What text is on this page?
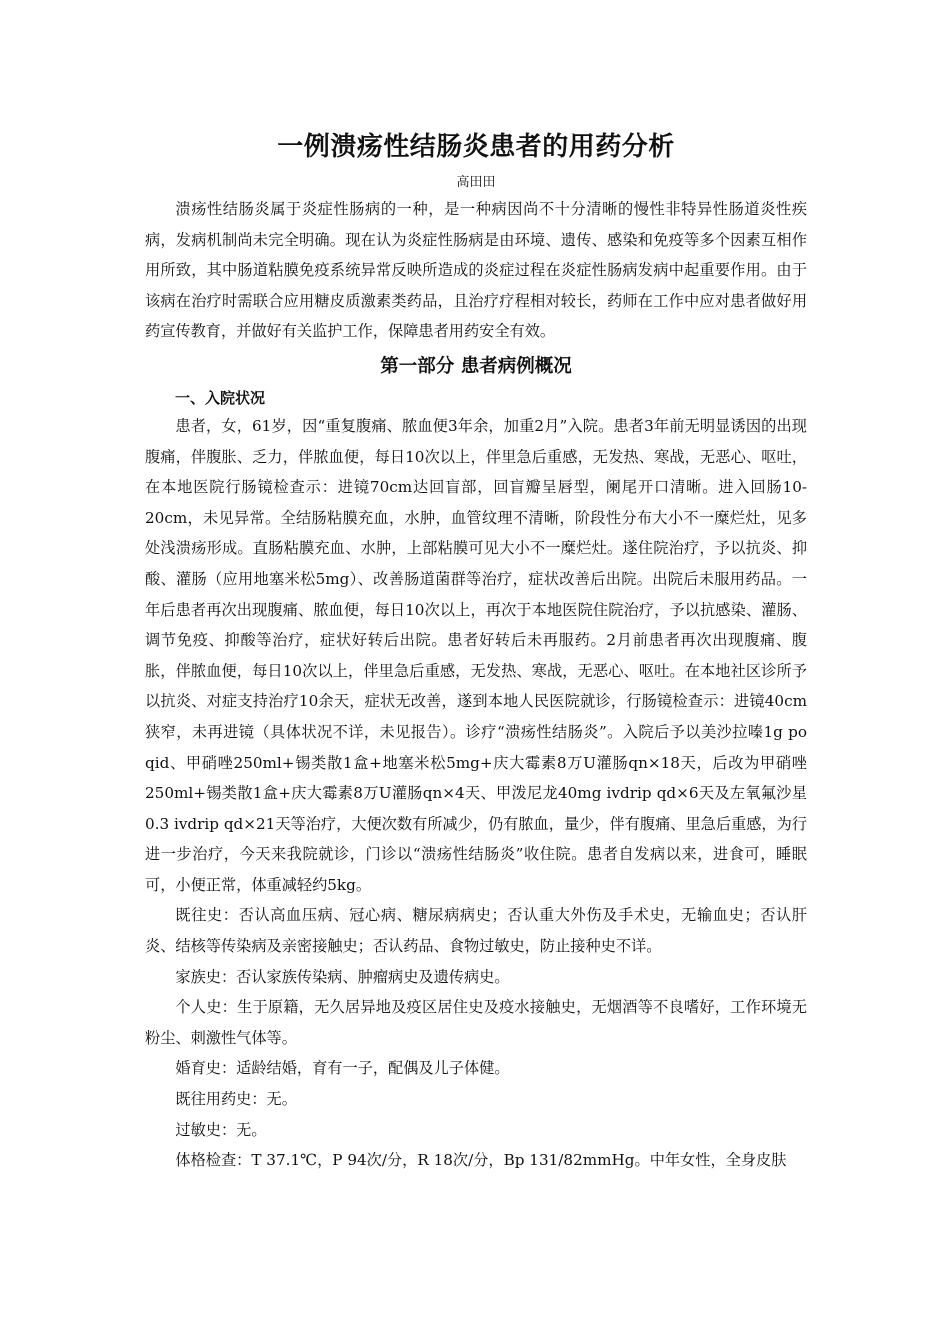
一例溃疡性结肠炎患者的用药分析
高田田

溃疡性结肠炎属于炎症性肠病的一种，是一种病因尚不十分清晰的慢性非特异性肠道炎性疾病，发病机制尚未完全明确。现在认为炎症性肠病是由环境、遗传、感染和免疫等多个因素互相作用所致，其中肠道粘膜免疫系统异常反映所造成的炎症过程在炎症性肠病发病中起重要作用。由于该病在治疗时需联合应用糖皮质激素类药品，且治疗疗程相对较长，药师在工作中应对患者做好用药宣传教育，并做好有关监护工作，保障患者用药安全有效。

第一部分 患者病例概况
一、入院状况

患者，女，61岁，因“重复腹痛、脓血便3年余，加重2月”入院。患者3年前无明显诱因的出现腹痛，伴腹胀、乏力，伴脓血便，每日10次以上，伴里急后重感，无发热、寒战，无恶心、呕吐，在本地医院行肠镜检查示：进镜70cm达回盲部，回盲瓣呈唇型，阑尾开口清晰。进入回肠10-20cm，未见异常。全结肠粘膜充血，水肿，血管纹理不清晰，阶段性分布大小不一糜烂灶，见多处浅溃疡形成。直肠粘膜充血、水肿，上部粘膜可见大小不一糜烂灶。遂住院治疗，予以抗炎、抑酸、灌肠（应用地塞米松5mg）、改善肠道菌群等治疗，症状改善后出院。出院后未服用药品。一年后患者再次出现腹痛、脓血便，每日10次以上，再次于本地医院住院治疗，予以抗感染、灌肠、调节免疫、抑酸等治疗，症状好转后出院。患者好转后未再服药。2月前患者再次出现腹痛、腹胀，伴脓血便，每日10次以上，伴里急后重感，无发热、寒战，无恶心、呕吐。在本地社区诊所予以抗炎、对症支持治疗10余天，症状无改善，遂到本地人民医院就诊，行肠镜检查示：进镜40cm狭窄，未再进镜（具体状况不详，未见报告）。诊疗“溃疡性结肠炎”。入院后予以美沙拉嗪1g po qid、甲硝唑250ml+锡类散1盒+地塞米松5mg+庆大霉素8万U灌肠qn×18天，后改为甲硝唑250ml+锡类散1盒+庆大霉素8万U灌肠qn×4天、甲泼尼龙40mg ivdrip qd×6天及左氧氟沙星0.3 ivdrip qd×21天等治疗，大便次数有所减少，仍有脓血，量少，伴有腹痛、里急后重感，为行进一步治疗，今天来我院就诊，门诊以“溃疡性结肠炎”收住院。患者自发病以来，进食可，睡眠可，小便正常，体重减轻约5kg。

既往史：否认高血压病、冠心病、糖尿病病史；否认重大外伤及手术史，无输血史；否认肝炎、结核等传染病及亲密接触史；否认药品、食物过敏史，防止接种史不详。

家族史：否认家族传染病、肿瘤病史及遗传病史。

个人史：生于原籍，无久居异地及疫区居住史及疫水接触史，无烟酒等不良嗜好，工作环境无粉尘、刺激性气体等。

婚育史：适龄结婚，育有一子，配偶及儿子体健。

既往用药史：无。

过敏史：无。

体格检查：T 37.1℃，P 94次/分，R 18次/分，Bp 131/82mmHg。中年女性，全身皮肤
